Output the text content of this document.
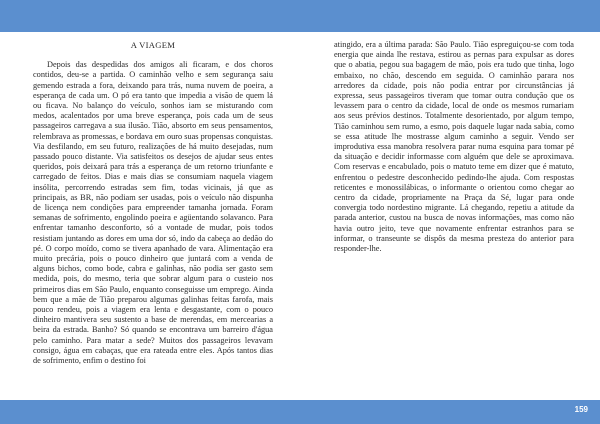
A VIAGEM

Depois das despedidas dos amigos ali ficaram, e dos choros contidos, deu-se a partida. O caminhão velho e sem segurança saiu gemendo estrada a fora, deixando para trás, numa nuvem de poeira, a esperança de cada um. O pó era tanto que impedia a visão de quem lá ou ficava. No balanço do veículo, sonhos iam se misturando com medos, acalentados por uma breve esperança, pois cada um de seus passageiros carregava a sua ilusão. Tião, absorto em seus pensamentos, relembrava as promessas, e bordava em ouro suas propensas conquistas. Via desfilando, em seu futuro, realizações de há muito desejadas, num passado pouco distante. Via satisfeitos os desejos de ajudar seus entes queridos, pois deixará para trás a esperança de um retorno triunfante e carregado de feitos. Dias e mais dias se consumiam naquela viagem insólita, percorrendo estradas sem fim, todas vicinais, já que as principais, as BR, não podiam ser usadas, pois o veículo não dispunha de licença nem condições para empreender tamanha jornada. Foram semanas de sofrimento, engolindo poeira e agüentando solavanco. Para enfrentar tamanho desconforto, só a vontade de mudar, pois todos resistiam juntando as dores em uma dor só, indo da cabeça ao dedão do pé. O corpo moído, como se tivera apanhado de vara. Alimentação era muito precária, pois o pouco dinheiro que juntará com a venda de alguns bichos, como bode, cabra e galinhas, não podia ser gasto sem medida, pois, do mesmo, teria que sobrar algum para o custeio nos primeiros dias em São Paulo, enquanto conseguisse um emprego. Ainda bem que a mãe de Tião preparou algumas galinhas feitas farofa, mais pouco rendeu, pois a viagem era lenta e desgastante, com o pouco dinheiro mantivera seu sustento a base de merendas, em mercearias a beira da estrada. Banho? Só quando se encontrava um barreiro d'água pelo caminho. Para matar a sede? Muitos dos passageiros levavam consigo, água em cabaças, que era rateada entre eles. Após tantos dias de sofrimento, enfim o destino foi

atingido, era a última parada: São Paulo. Tião espreguiçou-se com toda energia que ainda lhe restava, estirou as pernas para expulsar as dores que o abatia, pegou sua bagagem de mão, pois era tudo que tinha, logo embaixo, no chão, descendo em seguida. O caminhão parara nos arredores da cidade, pois não podia entrar por circunstâncias já expressa, seus passageiros tiveram que tomar outra condução que os levassem para o centro da cidade, local de onde os mesmos rumariam aos seus prévios destinos. Totalmente desorientado, por algum tempo, Tião caminhou sem rumo, a esmo, pois daquele lugar nada sabia, como se essa atitude lhe mostrasse algum caminho a seguir. Vendo ser improdutiva essa manobra resolvera parar numa esquina para tomar pé da situação e decidir informasse com alguém que dele se aproximava. Com reservas e encabulado, pois o matuto teme em dizer que é matuto, enfrentou o pedestre desconhecido pedindo-lhe ajuda. Com respostas reticentes e monossilábicas, o informante o orientou como chegar ao centro da cidade, propriamente na Praça da Sé, lugar para onde convergia todo nordestino migrante. Lá chegando, repetiu a atitude da parada anterior, custou na busca de novas informações, mas como não havia outro jeito, teve que novamente enfrentar estranhos para se informar, o transeunte se dispôs da mesma presteza do anterior para responder-lhe.

159
